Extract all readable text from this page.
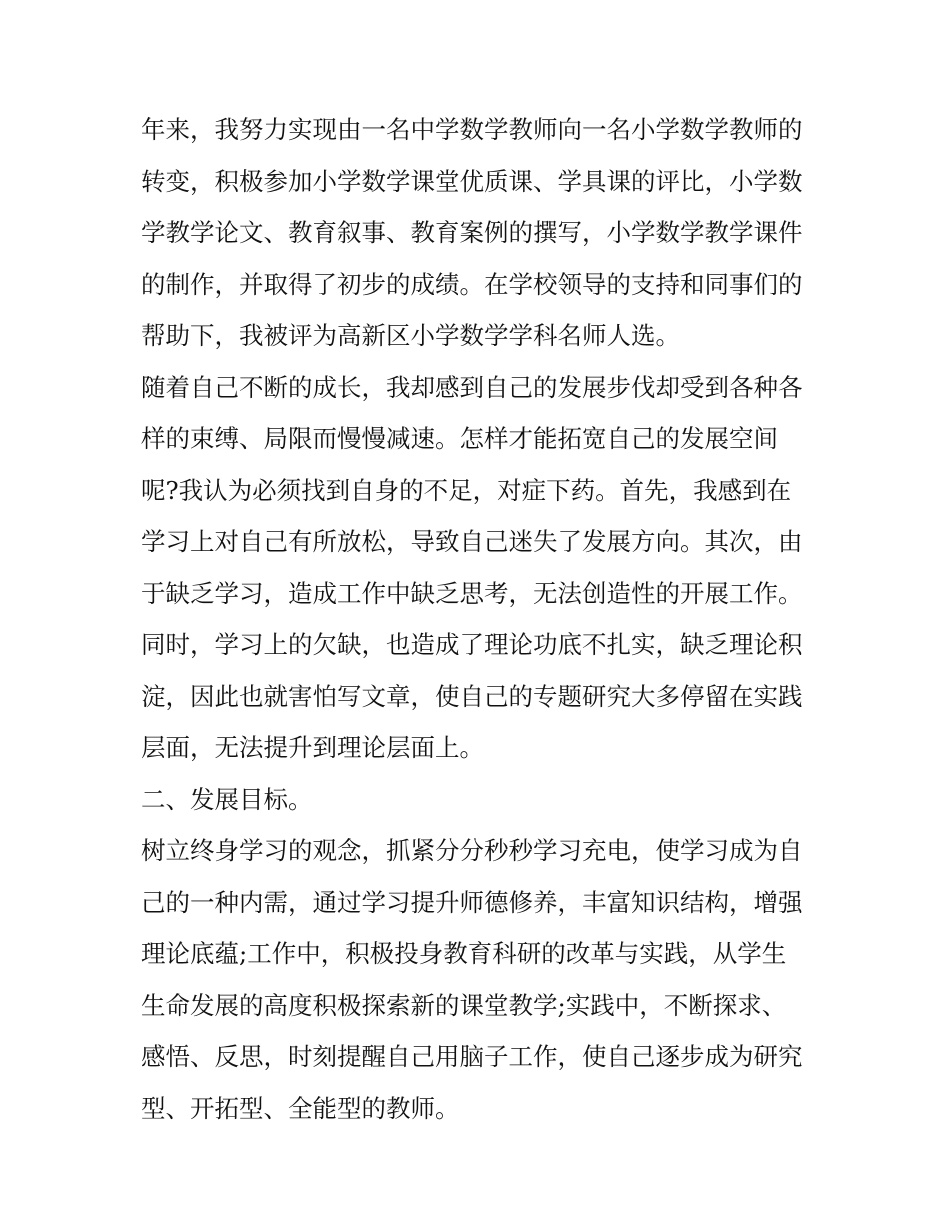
年来，我努力实现由一名中学数学教师向一名小学数学教师的
转变，积极参加小学数学课堂优质课、学具课的评比，小学数
学教学论文、教育叙事、教育案例的撰写，小学数学教学课件
的制作，并取得了初步的成绩。在学校领导的支持和同事们的
帮助下，我被评为高新区小学数学学科名师人选。
随着自己不断的成长，我却感到自己的发展步伐却受到各种各
样的束缚、局限而慢慢减速。怎样才能拓宽自己的发展空间
呢?我认为必须找到自身的不足，对症下药。首先，我感到在
学习上对自己有所放松，导致自己迷失了发展方向。其次，由
于缺乏学习，造成工作中缺乏思考，无法创造性的开展工作。
同时，学习上的欠缺，也造成了理论功底不扎实，缺乏理论积
淀，因此也就害怕写文章，使自己的专题研究大多停留在实践
层面，无法提升到理论层面上。
二、发展目标。
树立终身学习的观念，抓紧分分秒秒学习充电，使学习成为自
己的一种内需，通过学习提升师德修养，丰富知识结构，增强
理论底蕴;工作中，积极投身教育科研的改革与实践，从学生
生命发展的高度积极探索新的课堂教学;实践中，不断探求、
感悟、反思，时刻提醒自己用脑子工作，使自己逐步成为研究
型、开拓型、全能型的教师。
